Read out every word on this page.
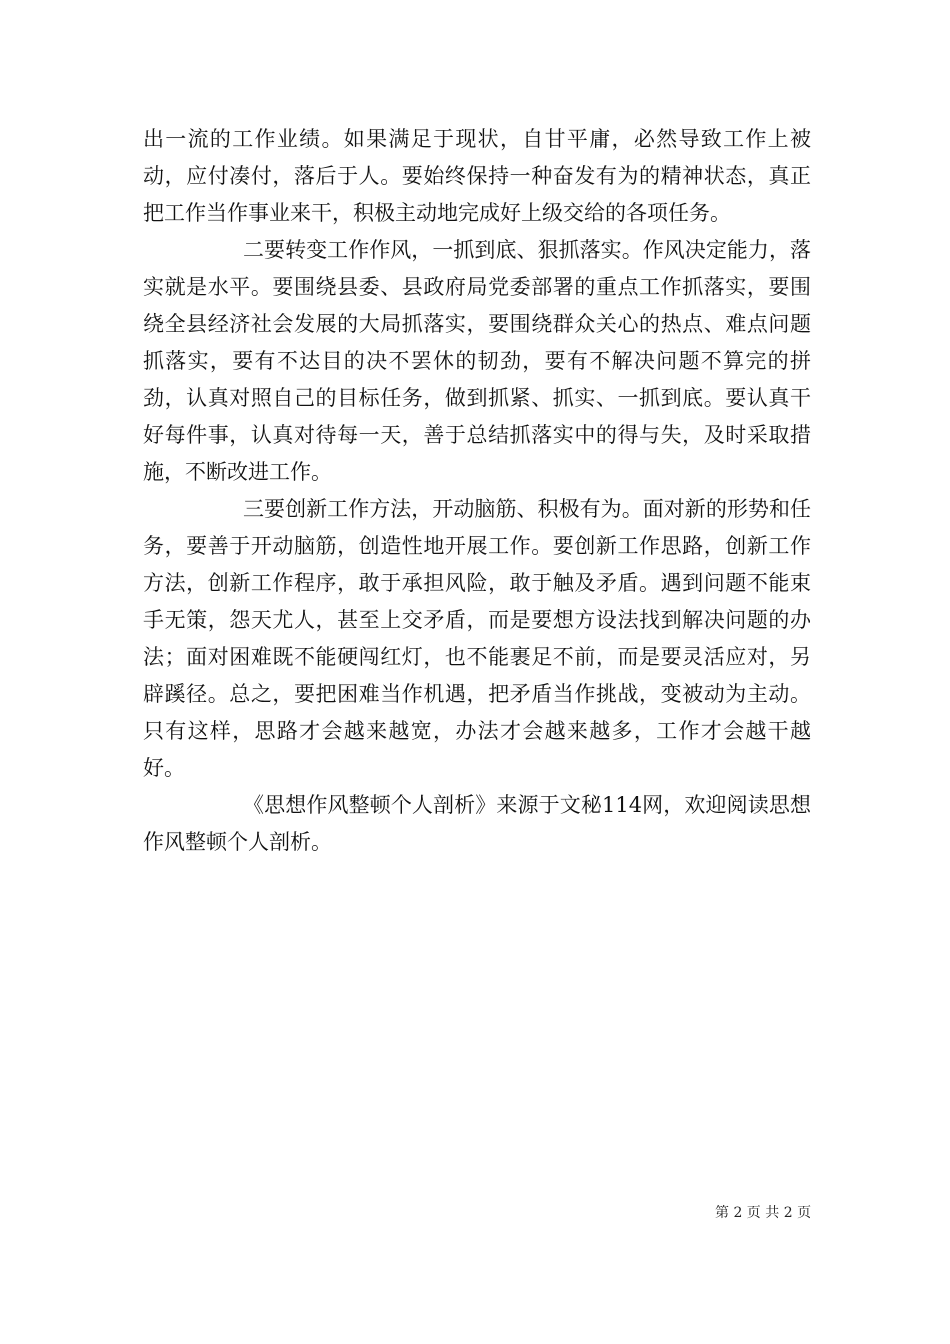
出一流的工作业绩。如果满足于现状，自甘平庸，必然导致工作上被动，应付凑付，落后于人。要始终保持一种奋发有为的精神状态，真正把工作当作事业来干，积极主动地完成好上级交给的各项任务。

二要转变工作作风，一抓到底、狠抓落实。作风决定能力，落实就是水平。要围绕县委、县政府局党委部署的重点工作抓落实，要围绕全县经济社会发展的大局抓落实，要围绕群众关心的热点、难点问题抓落实，要有不达目的决不罢休的韧劲，要有不解决问题不算完的拼劲，认真对照自己的目标任务，做到抓紧、抓实、一抓到底。要认真干好每件事，认真对待每一天，善于总结抓落实中的得与失，及时采取措施，不断改进工作。

三要创新工作方法，开动脑筋、积极有为。面对新的形势和任务，要善于开动脑筋，创造性地开展工作。要创新工作思路，创新工作方法，创新工作程序，敢于承担风险，敢于触及矛盾。遇到问题不能束手无策，怨天尤人，甚至上交矛盾，而是要想方设法找到解决问题的办法；面对困难既不能硬闯红灯，也不能裹足不前，而是要灵活应对，另辟蹊径。总之，要把困难当作机遇，把矛盾当作挑战，变被动为主动。只有这样，思路才会越来越宽，办法才会越来越多，工作才会越干越好。

《思想作风整顿个人剖析》来源于文秘114网，欢迎阅读思想作风整顿个人剖析。

第 2 页 共 2 页
